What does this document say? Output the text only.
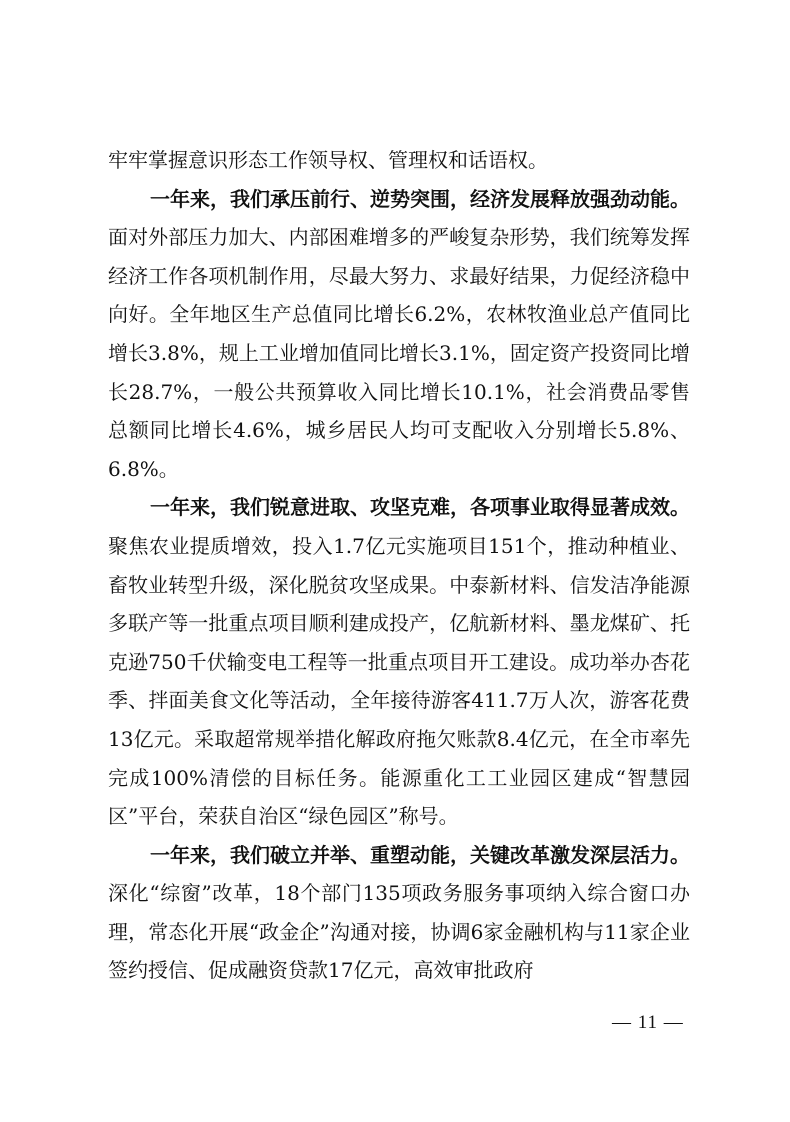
牢牢掌握意识形态工作领导权、管理权和话语权。

一年来，我们承压前行、逆势突围，经济发展释放强劲动能。面对外部压力加大、内部困难增多的严峻复杂形势，我们统筹发挥经济工作各项机制作用，尽最大努力、求最好结果，力促经济稳中向好。全年地区生产总值同比增长6.2%，农林牧渔业总产值同比增长3.8%，规上工业增加值同比增长3.1%，固定资产投资同比增长28.7%，一般公共预算收入同比增长10.1%，社会消费品零售总额同比增长4.6%，城乡居民人均可支配收入分别增长5.8%、6.8%。

一年来，我们锐意进取、攻坚克难，各项事业取得显著成效。聚焦农业提质增效，投入1.7亿元实施项目151个，推动种植业、畜牧业转型升级，深化脱贫攻坚成果。中泰新材料、信发洁净能源多联产等一批重点项目顺利建成投产，亿航新材料、墨龙煤矿、托克逊750千伏输变电工程等一批重点项目开工建设。成功举办杏花季、拌面美食文化等活动，全年接待游客411.7万人次，游客花费13亿元。采取超常规举措化解政府拖欠账款8.4亿元，在全市率先完成100%清偿的目标任务。能源重化工工业园区建成“智慧园区”平台，荣获自治区“绿色园区”称号。

一年来，我们破立并举、重塑动能，关键改革激发深层活力。深化“综窗”改革，18个部门135项政务服务事项纳入综合窗口办理，常态化开展“政金企”沟通对接，协调6家金融机构与11家企业签约授信、促成融资贷款17亿元，高效审批政府

— 11 —
